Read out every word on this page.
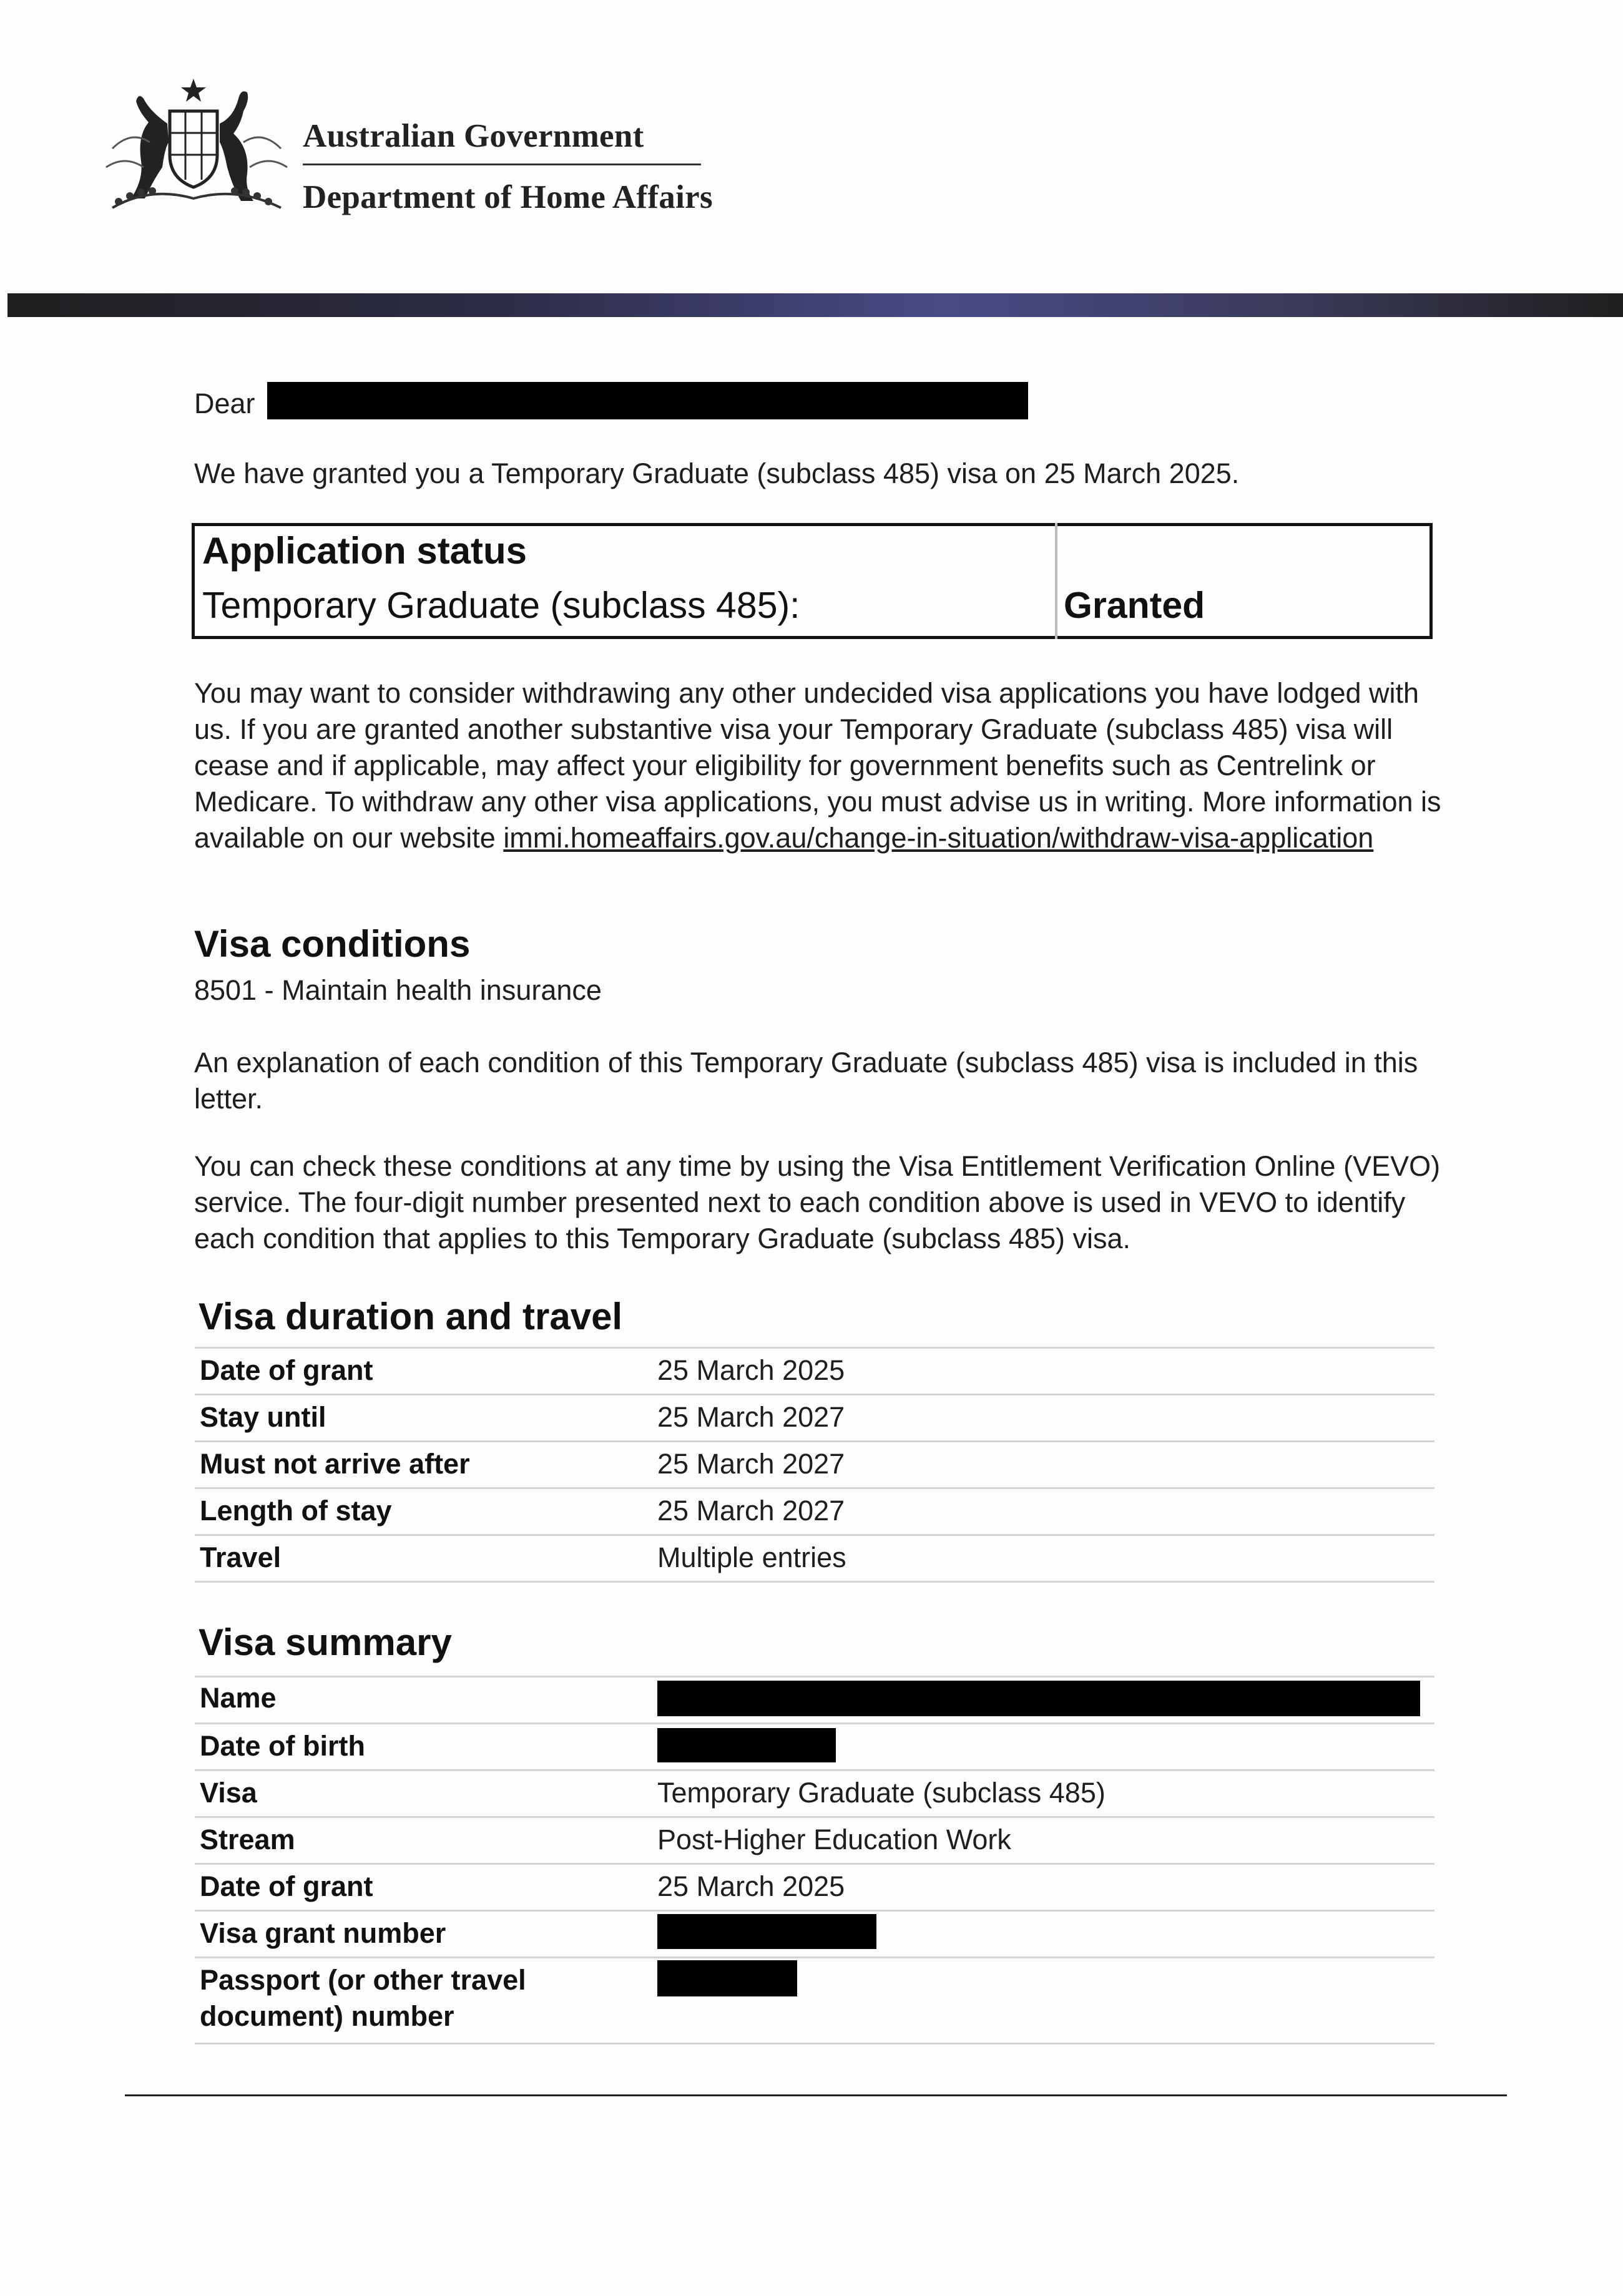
Australian Government
Department of Home Affairs
Dear
We have granted you a Temporary Graduate (subclass 485) visa on 25 March 2025.
Application status
Temporary Graduate (subclass 485):	Granted
You may want to consider withdrawing any other undecided visa applications you have lodged with us. If you are granted another substantive visa your Temporary Graduate (subclass 485) visa will cease and if applicable, may affect your eligibility for government benefits such as Centrelink or Medicare. To withdraw any other visa applications, you must advise us in writing. More information is available on our website immi.homeaffairs.gov.au/change-in-situation/withdraw-visa-application
Visa conditions
8501 - Maintain health insurance
An explanation of each condition of this Temporary Graduate (subclass 485) visa is included in this letter.
You can check these conditions at any time by using the Visa Entitlement Verification Online (VEVO) service. The four-digit number presented next to each condition above is used in VEVO to identify each condition that applies to this Temporary Graduate (subclass 485) visa.
Visa duration and travel
Date of grant	25 March 2025
Stay until	25 March 2027
Must not arrive after	25 March 2027
Length of stay	25 March 2027
Travel	Multiple entries
Visa summary
Name
Date of birth
Visa	Temporary Graduate (subclass 485)
Stream	Post-Higher Education Work
Date of grant	25 March 2025
Visa grant number
Passport (or other travel document) number
